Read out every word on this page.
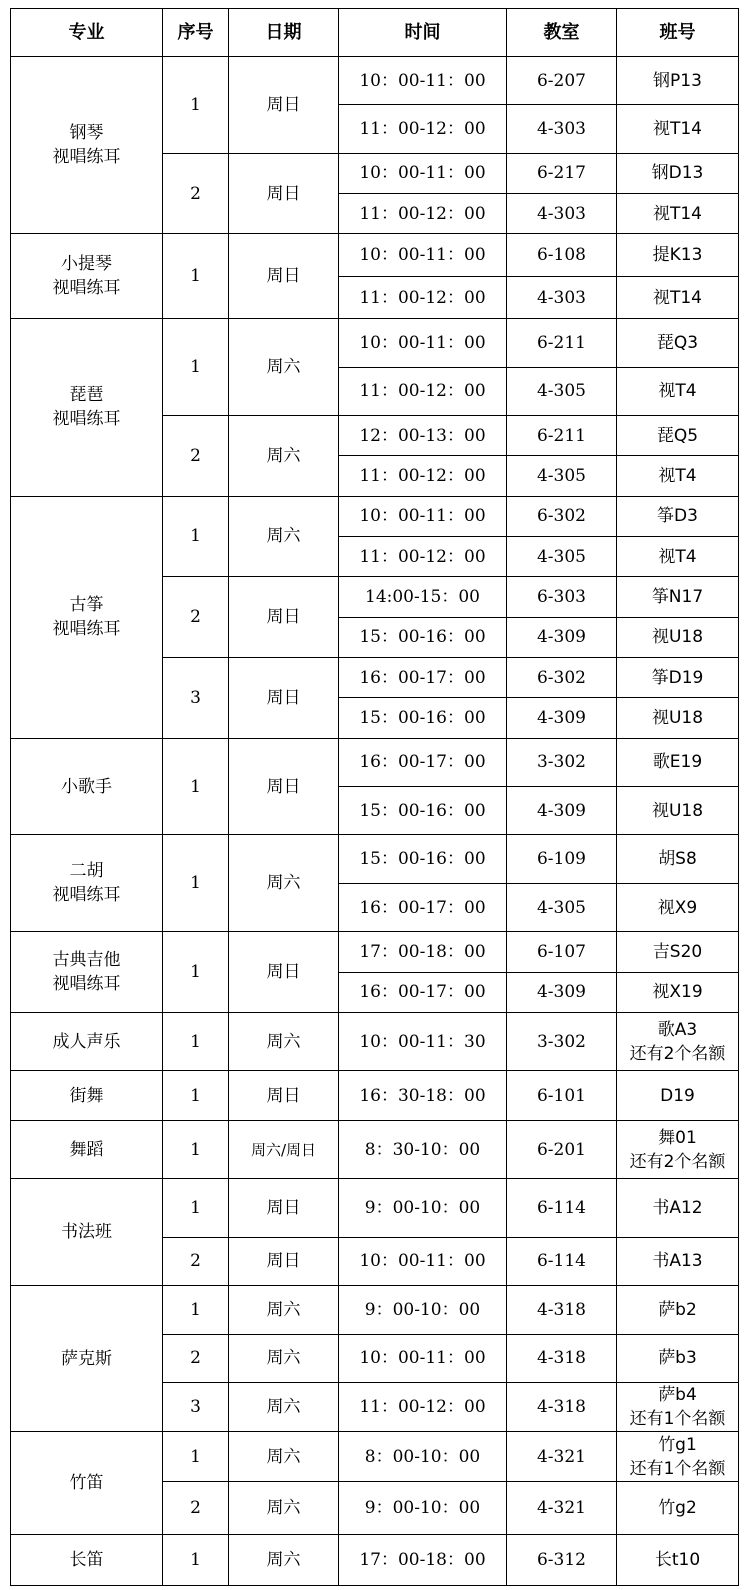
专业	序号	日期	时间	教室	班号

钢琴
视唱练耳	1	周日	10：00-11：00	6-207	钢P13

			11：00-12：00	4-303	视T14

	2	周日	10：00-11：00	6-217	钢D13

			11：00-12：00	4-303	视T14

小提琴
视唱练耳	1	周日	10：00-11：00	6-108	提K13

			11：00-12：00	4-303	视T14

琵琶
视唱练耳	1	周六	10：00-11：00	6-211	琵Q3

			11：00-12：00	4-305	视T4

	2	周六	12：00-13：00	6-211	琵Q5

			11：00-12：00	4-305	视T4

古筝
视唱练耳	1	周六	10：00-11：00	6-302	筝D3

			11：00-12：00	4-305	视T4

	2	周日	14:00-15：00	6-303	筝N17

			15：00-16：00	4-309	视U18

	3	周日	16：00-17：00	6-302	筝D19

			15：00-16：00	4-309	视U18

小歌手	1	周日	16：00-17：00	3-302	歌E19

			15：00-16：00	4-309	视U18

二胡
视唱练耳	1	周六	15：00-16：00	6-109	胡S8

			16：00-17：00	4-305	视X9

古典吉他
视唱练耳	1	周日	17：00-18：00	6-107	吉S20

			16：00-17：00	4-309	视X19

成人声乐	1	周六	10：00-11：30	3-302	歌A3
还有2个名额

街舞	1	周日	16：30-18：00	6-101	D19

舞蹈	1	周六/周日	8：30-10：00	6-201	舞01
还有2个名额

书法班	1	周日	9：00-10：00	6-114	书A12

	2	周日	10：00-11：00	6-114	书A13

萨克斯	1	周六	9：00-10：00	4-318	萨b2

	2	周六	10：00-11：00	4-318	萨b3

	3	周六	11：00-12：00	4-318	萨b4
还有1个名额

竹笛	1	周六	8：00-10：00	4-321	竹g1
还有1个名额

	2	周六	9：00-10：00	4-321	竹g2

长笛	1	周六	17：00-18：00	6-312	长t10
